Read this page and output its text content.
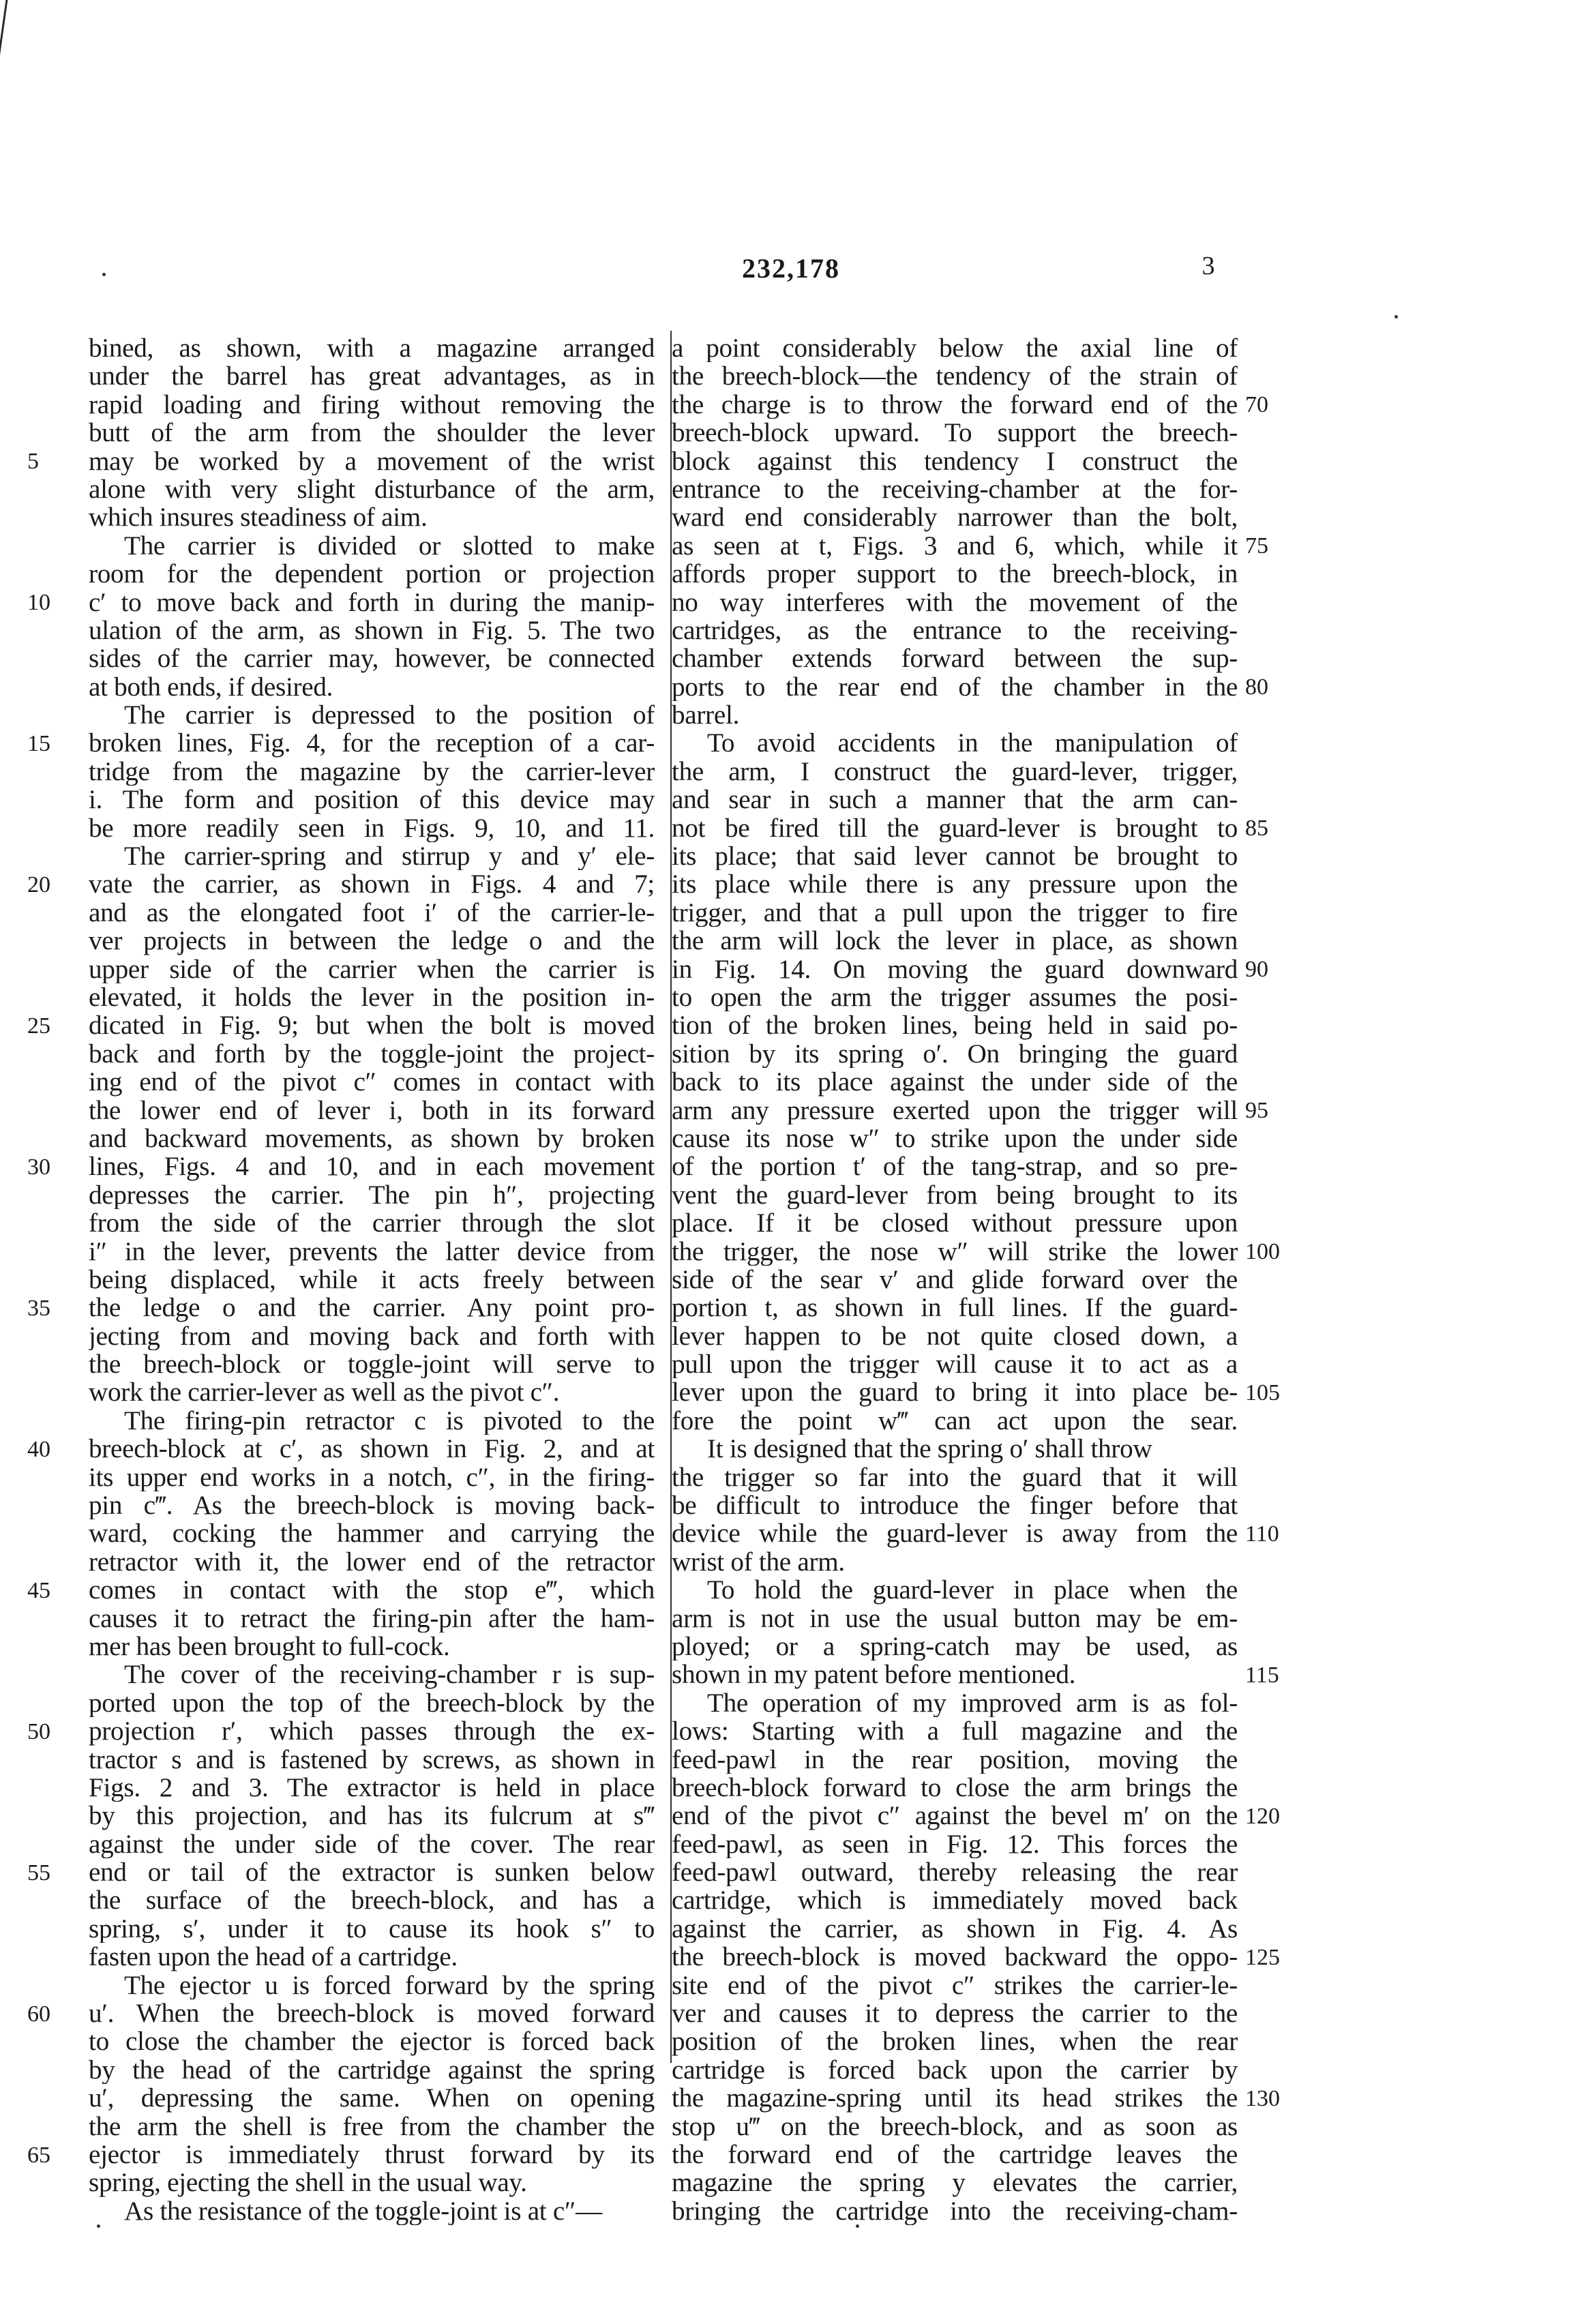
232,178	3
bined, as shown, with a magazine arranged
under the barrel has great advantages, as in
rapid loading and firing without removing the
butt of the arm from the shoulder the lever
may be worked by a movement of the wrist
alone with very slight disturbance of the arm,
which insures steadiness of aim.
The carrier is divided or slotted to make
room for the dependent portion or projection
c′ to move back and forth in during the manip-
ulation of the arm, as shown in Fig. 5. The two
sides of the carrier may, however, be connected
at both ends, if desired.
The carrier is depressed to the position of
broken lines, Fig. 4, for the reception of a car-
tridge from the magazine by the carrier-lever
i. The form and position of this device may
be more readily seen in Figs. 9, 10, and 11.
The carrier-spring and stirrup y and y′ ele-
vate the carrier, as shown in Figs. 4 and 7;
and as the elongated foot i′ of the carrier-le-
ver projects in between the ledge o and the
upper side of the carrier when the carrier is
elevated, it holds the lever in the position in-
dicated in Fig. 9; but when the bolt is moved
back and forth by the toggle-joint the project-
ing end of the pivot c″ comes in contact with
the lower end of lever i, both in its forward
and backward movements, as shown by broken
lines, Figs. 4 and 10, and in each movement
depresses the carrier. The pin h″, projecting
from the side of the carrier through the slot
i″ in the lever, prevents the latter device from
being displaced, while it acts freely between
the ledge o and the carrier. Any point pro-
jecting from and moving back and forth with
the breech-block or toggle-joint will serve to
work the carrier-lever as well as the pivot c″.
The firing-pin retractor c is pivoted to the
breech-block at c′, as shown in Fig. 2, and at
its upper end works in a notch, c″, in the firing-
pin c‴. As the breech-block is moving back-
ward, cocking the hammer and carrying the
retractor with it, the lower end of the retractor
comes in contact with the stop e‴, which
causes it to retract the firing-pin after the ham-
mer has been brought to full-cock.
The cover of the receiving-chamber r is sup-
ported upon the top of the breech-block by the
projection r′, which passes through the ex-
tractor s and is fastened by screws, as shown in
Figs. 2 and 3. The extractor is held in place
by this projection, and has its fulcrum at s‴
against the under side of the cover. The rear
end or tail of the extractor is sunken below
the surface of the breech-block, and has a
spring, s′, under it to cause its hook s″ to
fasten upon the head of a cartridge.
The ejector u is forced forward by the spring
u′. When the breech-block is moved forward
to close the chamber the ejector is forced back
by the head of the cartridge against the spring
u′, depressing the same. When on opening
the arm the shell is free from the chamber the
ejector is immediately thrust forward by its
spring, ejecting the shell in the usual way.
As the resistance of the toggle-joint is at c″—
a point considerably below the axial line of
the breech-block—the tendency of the strain of
the charge is to throw the forward end of the
breech-block upward. To support the breech-
block against this tendency I construct the
entrance to the receiving-chamber at the for-
ward end considerably narrower than the bolt,
as seen at t, Figs. 3 and 6, which, while it
affords proper support to the breech-block, in
no way interferes with the movement of the
cartridges, as the entrance to the receiving-
chamber extends forward between the sup-
ports to the rear end of the chamber in the
barrel.
To avoid accidents in the manipulation of
the arm, I construct the guard-lever, trigger,
and sear in such a manner that the arm can-
not be fired till the guard-lever is brought to
its place; that said lever cannot be brought to
its place while there is any pressure upon the
trigger, and that a pull upon the trigger to fire
the arm will lock the lever in place, as shown
in Fig. 14. On moving the guard downward
to open the arm the trigger assumes the posi-
tion of the broken lines, being held in said po-
sition by its spring o′. On bringing the guard
back to its place against the under side of the
arm any pressure exerted upon the trigger will
cause its nose w″ to strike upon the under side
of the portion t′ of the tang-strap, and so pre-
vent the guard-lever from being brought to its
place. If it be closed without pressure upon
the trigger, the nose w″ will strike the lower
side of the sear v′ and glide forward over the
portion t, as shown in full lines. If the guard-
lever happen to be not quite closed down, a
pull upon the trigger will cause it to act as a
lever upon the guard to bring it into place be-
fore the point w‴ can act upon the sear.
It is designed that the spring o′ shall throw
the trigger so far into the guard that it will
be difficult to introduce the finger before that
device while the guard-lever is away from the
wrist of the arm.
To hold the guard-lever in place when the
arm is not in use the usual button may be em-
ployed; or a spring-catch may be used, as
shown in my patent before mentioned.
The operation of my improved arm is as fol-
lows: Starting with a full magazine and the
feed-pawl in the rear position, moving the
breech-block forward to close the arm brings the
end of the pivot c″ against the bevel m′ on the
feed-pawl, as seen in Fig. 12. This forces the
feed-pawl outward, thereby releasing the rear
cartridge, which is immediately moved back
against the carrier, as shown in Fig. 4. As
the breech-block is moved backward the oppo-
site end of the pivot c″ strikes the carrier-le-
ver and causes it to depress the carrier to the
position of the broken lines, when the rear
cartridge is forced back upon the carrier by
the magazine-spring until its head strikes the
stop u‴ on the breech-block, and as soon as
the forward end of the cartridge leaves the
magazine the spring y elevates the carrier,
bringing the cartridge into the receiving-cham-
5
10
15
20
25
30
35
40
45
50
55
60
65
70
75
80
85
90
95
100
105
110
115
120
125
130
